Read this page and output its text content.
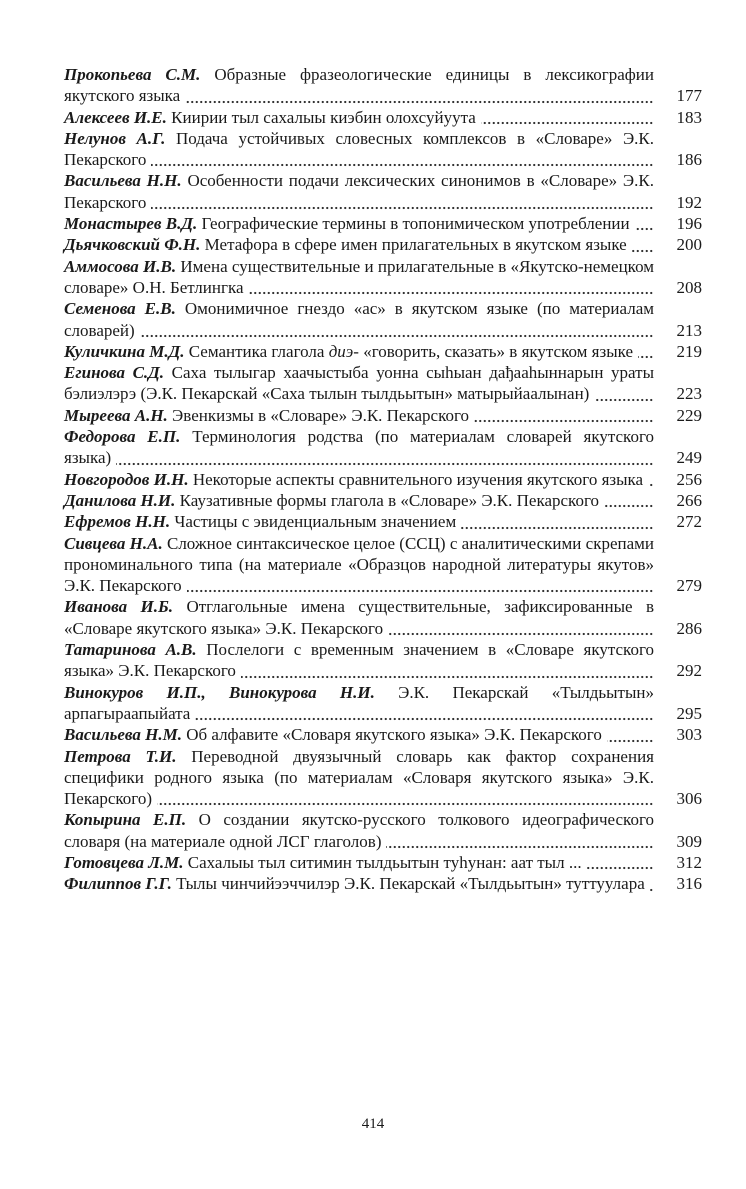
Прокопьева С.М. Образные фразеологические единицы в лексикографии якутского языка	177
Алексеев И.Е. Киирии тыл сахалыы киэбин олохсуйуута	183
Нелунов А.Г. Подача устойчивых словесных комплексов в «Словаре» Э.К. Пекарского	186
Васильева Н.Н. Особенности подачи лексических синонимов в «Словаре» Э.К. Пекарского	192
Монастырев В.Д. Географические термины в топонимическом употреблении	196
Дьячковский Ф.Н. Метафора в сфере имен прилагательных в якутском языке	200
Аммосова И.В. Имена существительные и прилагательные в «Якутско-немецком словаре» О.Н. Бетлингка	208
Семенова Е.В. Омонимичное гнездо «ас» в якутском языке (по материалам словарей)	213
Куличкина М.Д. Семантика глагола диэ- «говорить, сказать» в якутском языке	219
Егинова С.Д. Саха тылыгар хаачыстыба уонна сыһыан дађааһыннарын ураты бэлиэлэрэ (Э.К. Пекарскай «Саха тылын тылдьытын» матырыйаалынан)	223
Мыреева А.Н. Эвенкизмы в «Словаре» Э.К. Пекарского	229
Федорова Е.П. Терминология родства (по материалам словарей якутского языка)	249
Новгородов И.Н. Некоторые аспекты сравнительного изучения якутского языка	256
Данилова Н.И. Каузативные формы глагола в «Словаре» Э.К. Пекарского	266
Ефремов Н.Н. Частицы с эвиденциальным значением	272
Сивцева Н.А. Сложное синтаксическое целое (ССЦ) с аналитическими скрепами прономинального типа (на материале «Образцов народной литературы якутов» Э.К. Пекарского	279
Иванова И.Б. Отглагольные имена существительные, зафиксированные в «Словаре якутского языка» Э.К. Пекарского	286
Татаринова А.В. Послелоги с временным значением в «Словаре якутского языка» Э.К. Пекарского	292
Винокуров И.П., Винокурова Н.И. Э.К. Пекарскай «Тылдьытын» арпагыраапыйата	295
Васильева Н.М. Об алфавите «Словаря якутского языка» Э.К. Пекарского	303
Петрова Т.И. Переводной двуязычный словарь как фактор сохранения специфики родного языка (по материалам «Словаря якутского языка» Э.К. Пекарского)	306
Копырина Е.П. О создании якутско-русского толкового идеографического словаря (на материале одной ЛСГ глаголов)	309
Готовцева Л.М. Сахалыы тыл ситимин тылдьытын туһунан: аат тыл ...	312
Филиппов Г.Г. Тылы чинчийээччилэр Э.К. Пекарскай «Тылдьытын» туттуулара	316
414
